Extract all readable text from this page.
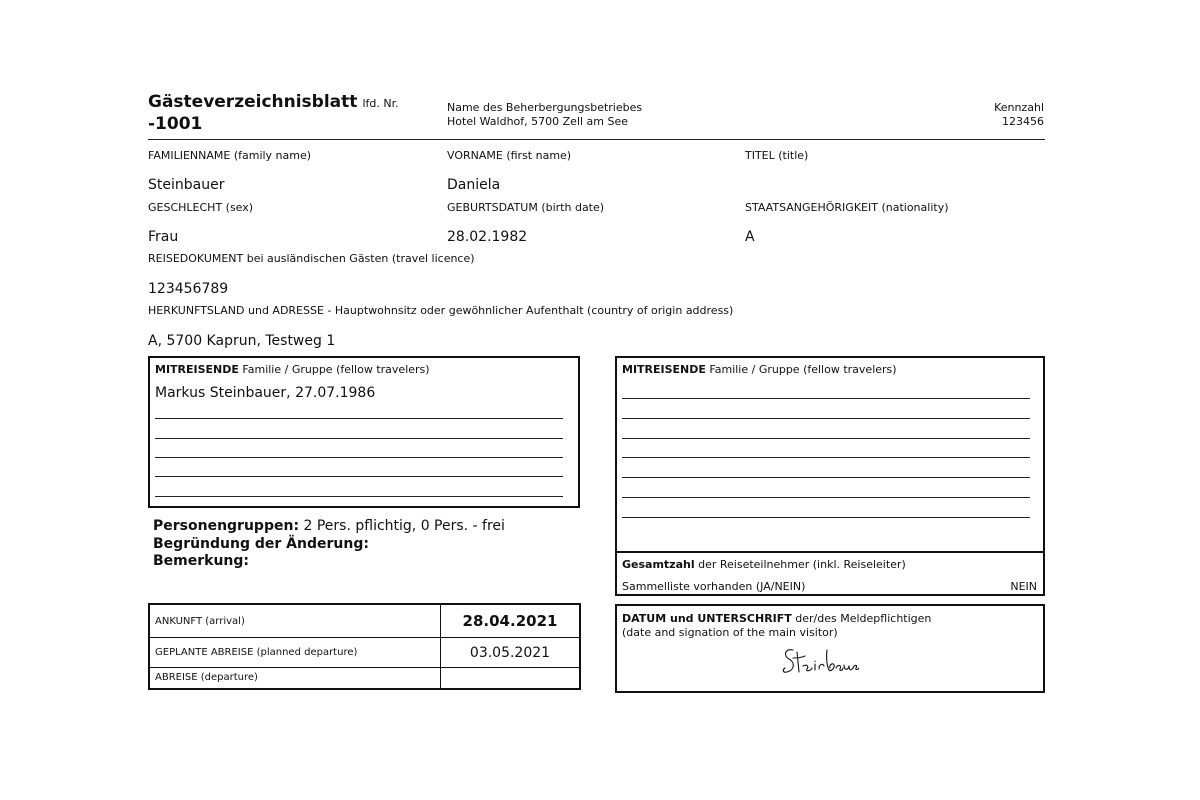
Gästeverzeichnisblatt lfd. Nr.
-1001
Name des Beherbergungsbetriebes
Hotel Waldhof, 5700 Zell am See
Kennzahl
123456
FAMILIENNAME (family name)	VORNAME (first name)	TITEL (title)
Steinbauer	Daniela
GESCHLECHT (sex)	GEBURTSDATUM (birth date)	STAATSANGEHÖRIGKEIT (nationality)
Frau	28.02.1982	A
REISEDOKUMENT bei ausländischen Gästen (travel licence)
123456789
HERKUNFTSLAND und ADRESSE - Hauptwohnsitz oder gewöhnlicher Aufenthalt (country of origin address)
A, 5700 Kaprun, Testweg 1
MITREISENDE Familie / Gruppe (fellow travelers)
Markus Steinbauer, 27.07.1986
MITREISENDE Familie / Gruppe (fellow travelers)
Gesamtzahl der Reiseteilnehmer (inkl. Reiseleiter)
Sammelliste vorhanden (JA/NEIN)	NEIN
Personengruppen: 2 Pers. pflichtig, 0 Pers. - frei
Begründung der Änderung:
Bemerkung:
ANKUNFT (arrival)	28.04.2021
GEPLANTE ABREISE (planned departure)	03.05.2021
ABREISE (departure)	
DATUM und UNTERSCHRIFT der/des Meldepflichtigen
(date and signation of the main visitor)
